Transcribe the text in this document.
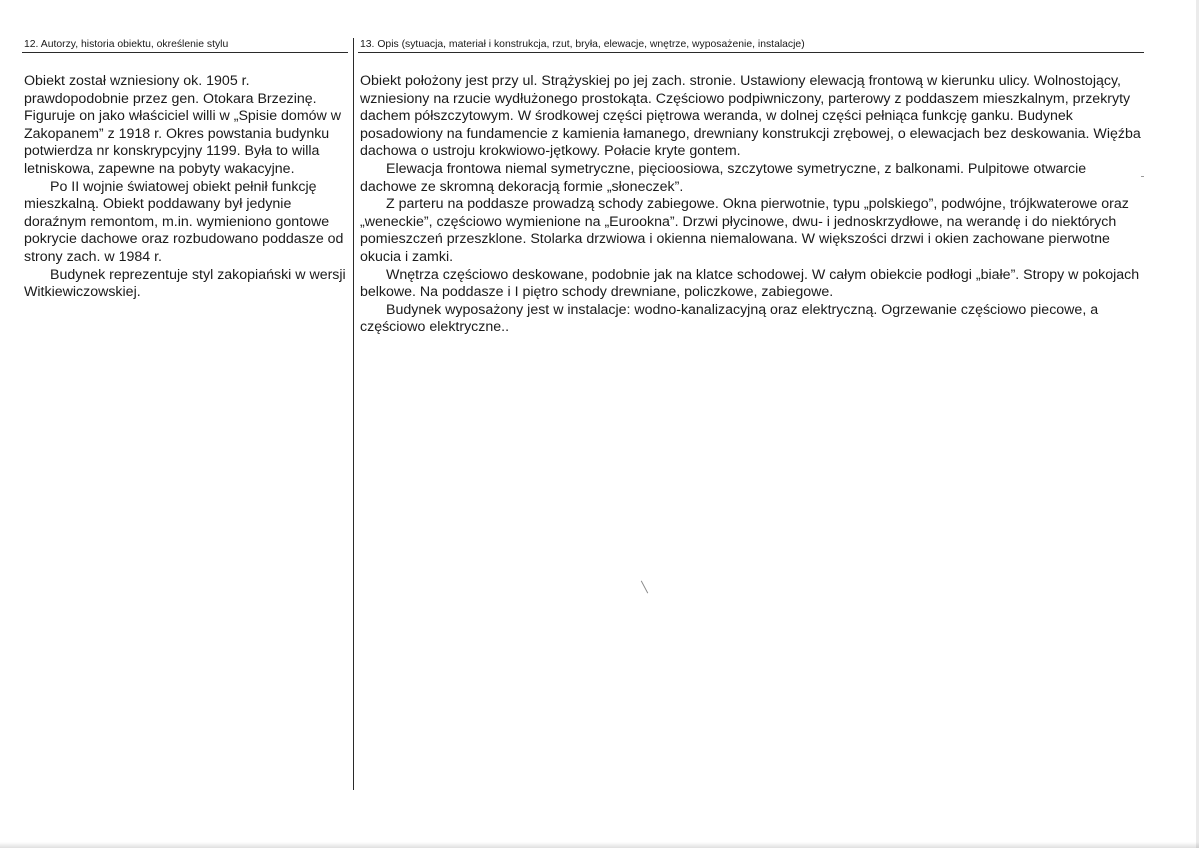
12. Autorzy, historia obiektu, określenie stylu

Obiekt został wzniesiony ok. 1905 r. prawdopodobnie przez gen. Otokara Brzezinę. Figuruje on jako właściciel willi w „Spisie domów w Zakopanem” z 1918 r. Okres powstania budynku potwierdza nr konskrypcyjny 1199. Była to willa letniskowa, zapewne na pobyty wakacyjne.

Po II wojnie światowej obiekt pełnił funkcję mieszkalną. Obiekt poddawany był jedynie doraźnym remontom, m.in. wymieniono gontowe pokrycie dachowe oraz rozbudowano poddasze od strony zach. w 1984 r.

Budynek reprezentuje styl zakopiański w wersji Witkiewiczowskiej.

13. Opis (sytuacja, materiał i konstrukcja, rzut, bryła, elewacje, wnętrze, wyposażenie, instalacje)

Obiekt położony jest przy ul. Strążyskiej po jej zach. stronie. Ustawiony elewacją frontową w kierunku ulicy. Wolnostojący, wzniesiony na rzucie wydłużonego prostokąta. Częściowo podpiwniczony, parterowy z poddaszem mieszkalnym, przekryty dachem półszczytowym. W środkowej części piętrowa weranda, w dolnej części pełniąca funkcję ganku. Budynek posadowiony na fundamencie z kamienia łamanego, drewniany konstrukcji zrębowej, o elewacjach bez deskowania. Więźba dachowa o ustroju krokwiowo-jętkowy. Połacie kryte gontem.

Elewacja frontowa niemal symetryczne, pięcioosiowa, szczytowe symetryczne, z balkonami. Pulpitowe otwarcie dachowe ze skromną dekoracją formie „słoneczek”.

Z parteru na poddasze prowadzą schody zabiegowe. Okna pierwotnie, typu „polskiego”, podwójne, trójkwaterowe oraz „weneckie”, częściowo wymienione na „Eurookna”. Drzwi płycinowe, dwu- i jednoskrzydłowe, na werandę i do niektórych pomieszczeń przeszklone. Stolarka drzwiowa i okienna niemalowana. W większości drzwi i okien zachowane pierwotne okucia i zamki.

Wnętrza częściowo deskowane, podobnie jak na klatce schodowej. W całym obiekcie podłogi „białe”. Stropy w pokojach belkowe. Na poddasze i I piętro schody drewniane, policzkowe, zabiegowe.

Budynek wyposażony jest w instalacje: wodno-kanalizacyjną oraz elektryczną. Ogrzewanie częściowo piecowe, a częściowo elektryczne..
